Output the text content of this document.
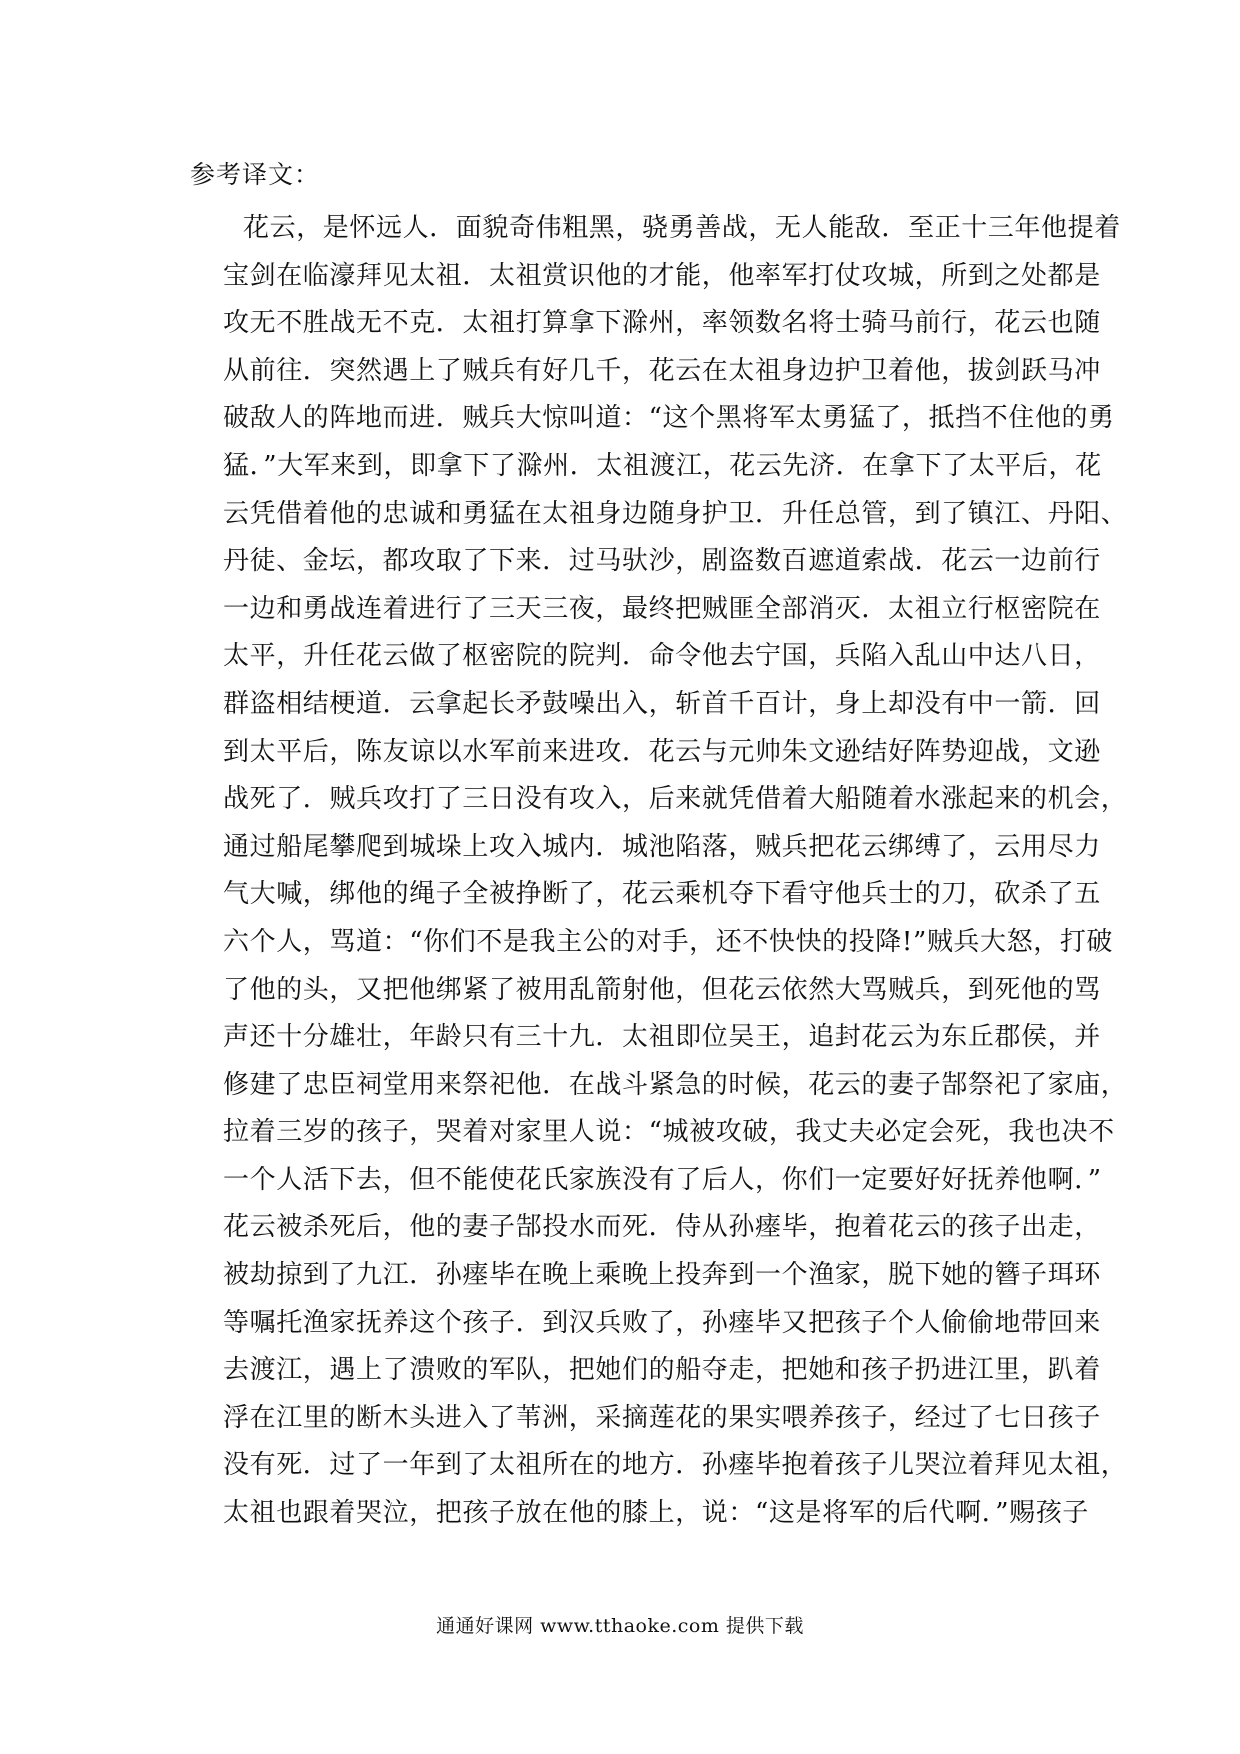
参考译文：
花云，是怀远人．面貌奇伟粗黑，骁勇善战，无人能敌．至正十三年他提着
宝剑在临濠拜见太祖．太祖赏识他的才能，他率军打仗攻城，所到之处都是
攻无不胜战无不克．太祖打算拿下滁州，率领数名将士骑马前行，花云也随
从前往．突然遇上了贼兵有好几千，花云在太祖身边护卫着他，拔剑跃马冲
破敌人的阵地而进．贼兵大惊叫道：“这个黑将军太勇猛了，抵挡不住他的勇
猛．”大军来到，即拿下了滁州．太祖渡江，花云先济．在拿下了太平后，花
云凭借着他的忠诚和勇猛在太祖身边随身护卫．升任总管，到了镇江、丹阳、
丹徒、金坛，都攻取了下来．过马驮沙，剧盗数百遮道索战．花云一边前行
一边和勇战连着进行了三天三夜，最终把贼匪全部消灭．太祖立行枢密院在
太平，升任花云做了枢密院的院判．命令他去宁国，兵陷入乱山中达八日，
群盗相结梗道．云拿起长矛鼓噪出入，斩首千百计，身上却没有中一箭．回
到太平后，陈友谅以水军前来进攻．花云与元帅朱文逊结好阵势迎战，文逊
战死了．贼兵攻打了三日没有攻入，后来就凭借着大船随着水涨起来的机会，
通过船尾攀爬到城垛上攻入城内．城池陷落，贼兵把花云绑缚了，云用尽力
气大喊，绑他的绳子全被挣断了，花云乘机夺下看守他兵士的刀，砍杀了五
六个人，骂道：“你们不是我主公的对手，还不快快的投降!”贼兵大怒，打破
了他的头，又把他绑紧了被用乱箭射他，但花云依然大骂贼兵，到死他的骂
声还十分雄壮，年龄只有三十九．太祖即位吴王，追封花云为东丘郡侯，并
修建了忠臣祠堂用来祭祀他．在战斗紧急的时候，花云的妻子郜祭祀了家庙，
拉着三岁的孩子，哭着对家里人说：“城被攻破，我丈夫必定会死，我也决不
一个人活下去，但不能使花氏家族没有了后人，你们一定要好好抚养他啊．”
花云被杀死后，他的妻子郜投水而死．侍从孙瘗毕，抱着花云的孩子出走，
被劫掠到了九江．孙瘗毕在晚上乘晚上投奔到一个渔家，脱下她的簪子珥环
等嘱托渔家抚养这个孩子．到汉兵败了，孙瘗毕又把孩子个人偷偷地带回来
去渡江，遇上了溃败的军队，把她们的船夺走，把她和孩子扔进江里，趴着
浮在江里的断木头进入了苇洲，采摘莲花的果实喂养孩子，经过了七日孩子
没有死．过了一年到了太祖所在的地方．孙瘗毕抱着孩子儿哭泣着拜见太祖，
太祖也跟着哭泣，把孩子放在他的膝上，说：“这是将军的后代啊．”赐孩子
通通好课网 www.tthaoke.com 提供下载
